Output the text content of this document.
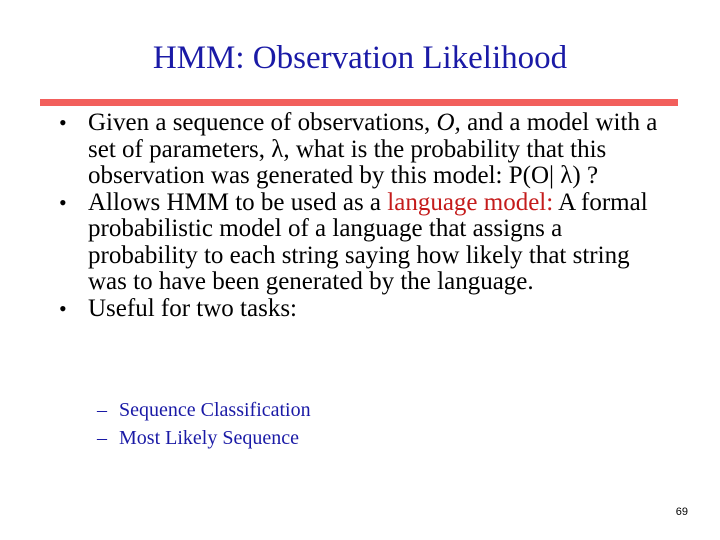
HMM: Observation Likelihood
• Given a sequence of observations, O, and a model with a set of parameters, λ, what is the probability that this observation was generated by this model: P(O| λ) ?
• Allows HMM to be used as a language model: A formal probabilistic model of a language that assigns a probability to each string saying how likely that string was to have been generated by the language.
• Useful for two tasks:
– Sequence Classification
– Most Likely Sequence
69
